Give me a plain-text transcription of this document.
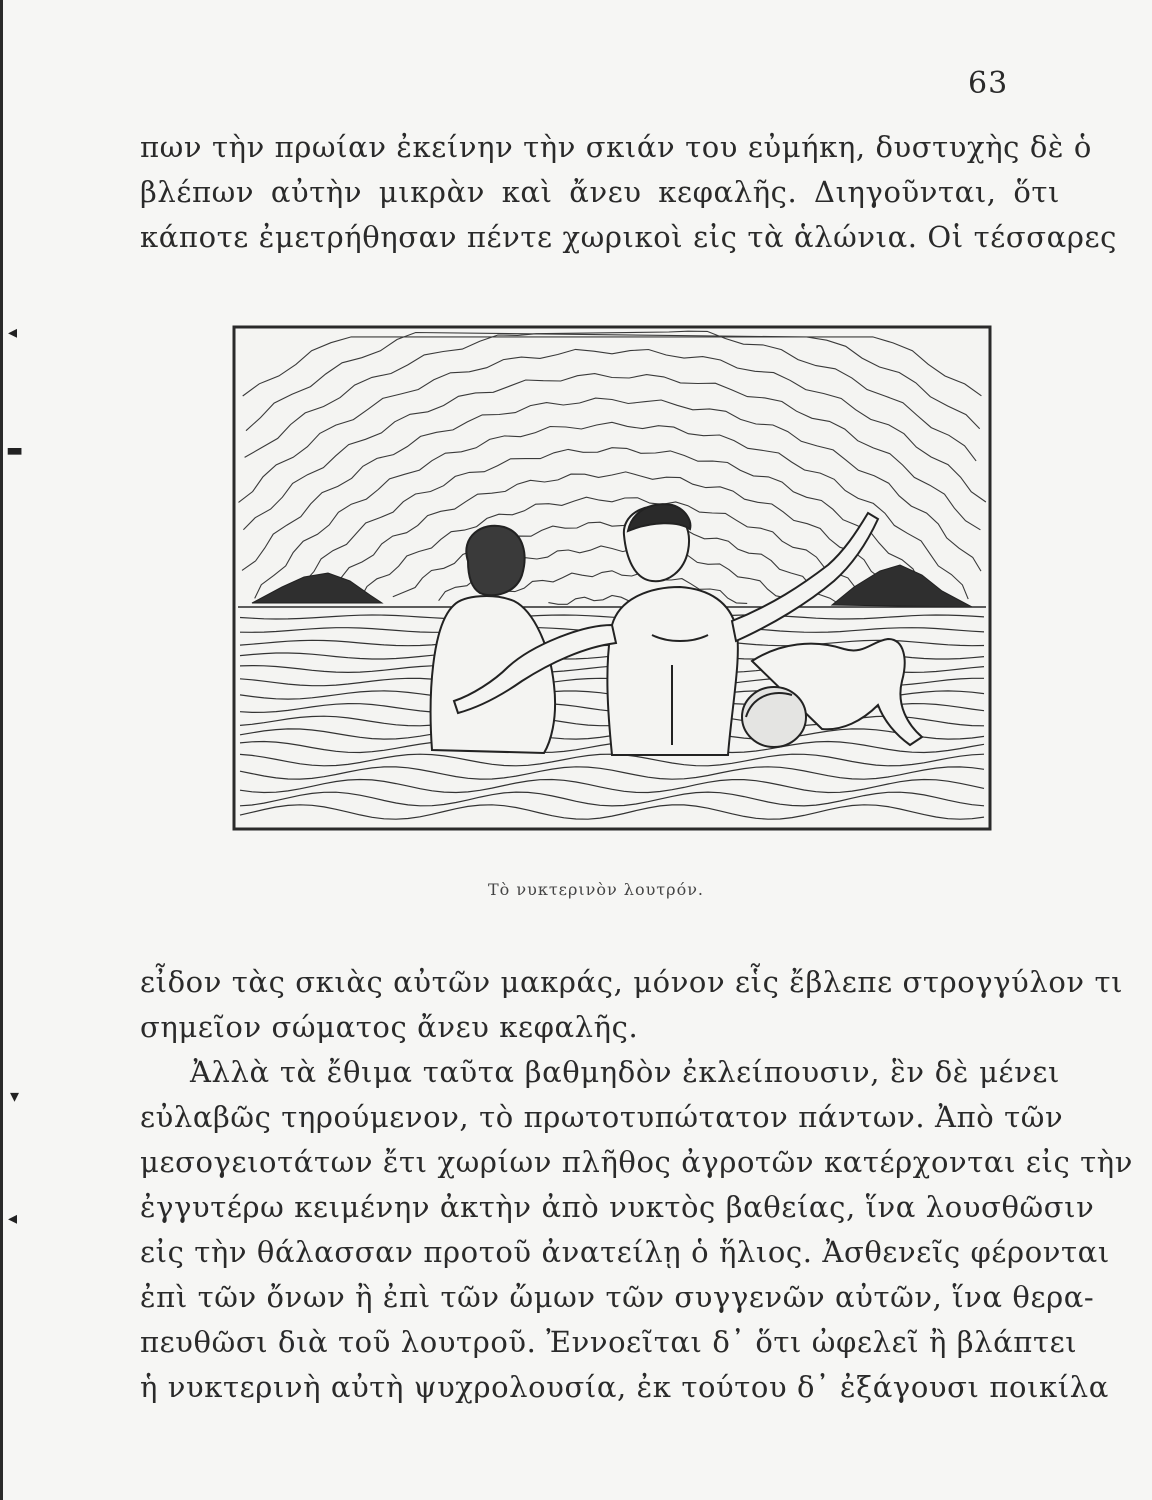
◂
▬
▾
◂
63
πων τὴν πρωίαν ἐκείνην τὴν σκιάν του εὐμήκη, δυστυχὴς δὲ ὁ
βλέπων αὐτὴν μικρὰν καὶ ἄνευ κεφαλῆς. Διηγοῦνται, ὅτι
κάποτε ἐμετρήθησαν πέντε χωρικοὶ εἰς τὰ ἁλώνια. Οἱ τέσσαρες
Τὸ νυκτερινὸν λουτρόν.
εἶδον τὰς σκιὰς αὐτῶν μακράς, μόνον εἷς ἔβλεπε στρογγύλον τι
σημεῖον σώματος ἄνευ κεφαλῆς.
Ἀλλὰ τὰ ἔθιμα ταῦτα βαθμηδὸν ἐκλείπουσιν, ἓν δὲ μένει
εὐλαβῶς τηρούμενον, τὸ πρωτοτυπώτατον πάντων. Ἀπὸ τῶν
μεσογειοτάτων ἔτι χωρίων πλῆθος ἀγροτῶν κατέρχονται εἰς τὴν
ἐγγυτέρω κειμένην ἀκτὴν ἀπὸ νυκτὸς βαθείας, ἵνα λουσθῶσιν
εἰς τὴν θάλασσαν προτοῦ ἀνατείλῃ ὁ ἥλιος. Ἀσθενεῖς φέρονται
ἐπὶ τῶν ὄνων ἢ ἐπὶ τῶν ὤμων τῶν συγγενῶν αὐτῶν, ἵνα θερα-
πευθῶσι διὰ τοῦ λουτροῦ. Ἐννοεῖται δ᾿ ὅτι ὠφελεῖ ἢ βλάπτει
ἡ νυκτερινὴ αὐτὴ ψυχρολουσία, ἐκ τούτου δ᾿ ἐξάγουσι ποικίλα
